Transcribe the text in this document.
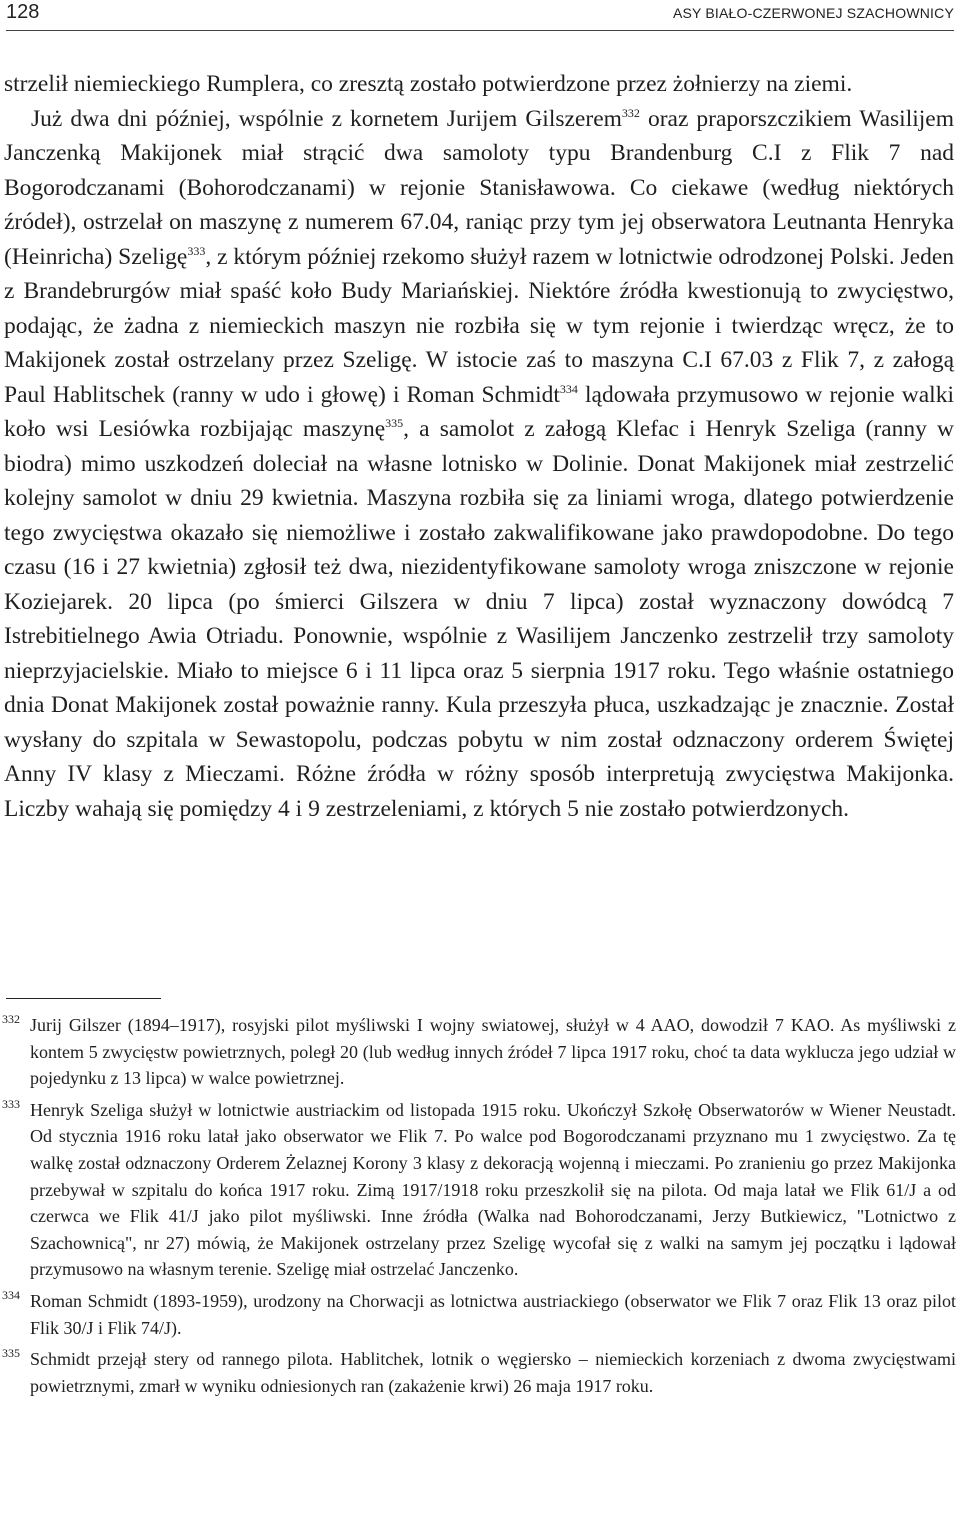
128	ASY BIAŁO-CZERWONEJ SZACHOWNICY

strzelił niemieckiego Rumplera, co zresztą zostało potwierdzone przez żołnierzy na ziemi.

Już dwa dni później, wspólnie z kornetem Jurijem Gilszerem$^{332}$ oraz praporszczikiem Wasilijem Janczenką Makijonek miał strącić dwa samoloty typu Brandenburg C.I z Flik 7 nad Bogorodczanami (Bohorodczanami) w rejonie Stanisławowa. Co ciekawe (według niektórych źródeł), ostrzelał on maszynę z numerem 67.04, raniąc przy tym jej obserwatora Leutnanta Henryka (Heinricha) Szeligę$^{333}$, z którym później rzekomo służył razem w lotnictwie odrodzonej Polski. Jeden z Brandebrurgów miał spaść koło Budy Mariańskiej. Niektóre źródła kwestionują to zwycięstwo, podając, że żadna z niemieckich maszyn nie rozbiła się w tym rejonie i twierdząc wręcz, że to Makijonek został ostrzelany przez Szeligę. W istocie zaś to maszyna C.I 67.03 z Flik 7, z załogą Paul Hablitschek (ranny w udo i głowę) i Roman Schmidt$^{334}$ lądowała przymusowo w rejonie walki koło wsi Lesiówka rozbijając maszynę$^{335}$, a samolot z załogą Klefac i Henryk Szeliga (ranny w biodra) mimo uszkodzeń doleciał na własne lotnisko w Dolinie. Donat Makijonek miał zestrzelić kolejny samolot w dniu 29 kwietnia. Maszyna rozbiła się za liniami wroga, dlatego potwierdzenie tego zwycięstwa okazało się niemożliwe i zostało zakwalifikowane jako prawdopodobne. Do tego czasu (16 i 27 kwietnia) zgłosił też dwa, niezidentyfikowane samoloty wroga zniszczone w rejonie Koziejarek. 20 lipca (po śmierci Gilszera w dniu 7 lipca) został wyznaczony dowódcą 7 Istrebitielnego Awia Otriadu. Ponownie, wspólnie z Wasilijem Janczenko zestrzelił trzy samoloty nieprzyjacielskie. Miało to miejsce 6 i 11 lipca oraz 5 sierpnia 1917 roku. Tego właśnie ostatniego dnia Donat Makijonek został poważnie ranny. Kula przeszyła płuca, uszkadzając je znacznie. Został wysłany do szpitala w Sewastopolu, podczas pobytu w nim został odznaczony orderem Świętej Anny IV klasy z Mieczami. Różne źródła w różny sposób interpretują zwycięstwa Makijonka. Liczby wahają się pomiędzy 4 i 9 zestrzeleniami, z których 5 nie zostało potwierdzonych.

332 Jurij Gilszer (1894–1917), rosyjski pilot myśliwski I wojny swiatowej, służył w 4 AAO, dowodził 7 KAO. As myśliwski z kontem 5 zwycięstw powietrznych, poległ 20 (lub według innych źródeł 7 lipca 1917 roku, choć ta data wyklucza jego udział w pojedynku z 13 lipca) w walce powietrznej.
333 Henryk Szeliga służył w lotnictwie austriackim od listopada 1915 roku. Ukończył Szkołę Obserwatorów w Wiener Neustadt. Od stycznia 1916 roku latał jako obserwator we Flik 7. Po walce pod Bogorodczanami przyznano mu 1 zwycięstwo. Za tę walkę został odznaczony Orderem Żelaznej Korony 3 klasy z dekoracją wojenną i mieczami. Po zranieniu go przez Makijonka przebywał w szpitalu do końca 1917 roku. Zimą 1917/1918 roku przeszkolił się na pilota. Od maja latał we Flik 61/J a od czerwca we Flik 41/J jako pilot myśliwski. Inne źródła (Walka nad Bohorodczanami, Jerzy Butkiewicz, "Lotnictwo z Szachownicą", nr 27) mówią, że Makijonek ostrzelany przez Szeligę wycofał się z walki na samym jej początku i lądował przymusowo na własnym terenie. Szeligę miał ostrzelać Janczenko.
334 Roman Schmidt (1893-1959), urodzony na Chorwacji as lotnictwa austriackiego (obserwator we Flik 7 oraz Flik 13 oraz pilot Flik 30/J i Flik 74/J).
335 Schmidt przejął stery od rannego pilota. Hablitchek, lotnik o węgiersko – niemieckich korzeniach z dwoma zwycięstwami powietrznymi, zmarł w wyniku odniesionych ran (zakażenie krwi) 26 maja 1917 roku.
